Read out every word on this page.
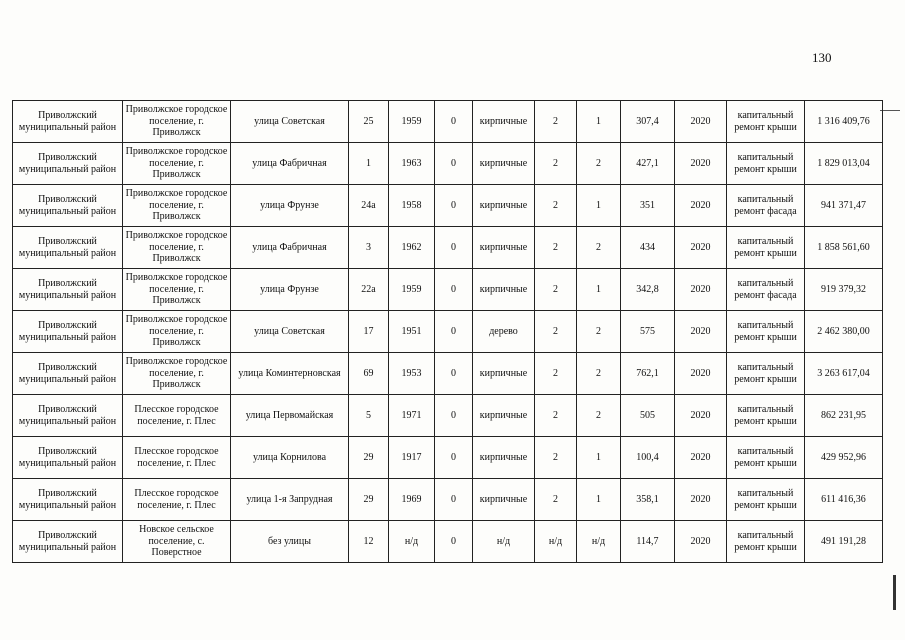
130
Приволжский муниципальный район	Приволжское городское поселение, г. Приволжск	улица Советская	25	1959	0	кирпичные	2	1	307,4	2020	капитальный ремонт крыши	1 316 409,76
Приволжский муниципальный район	Приволжское городское поселение, г. Приволжск	улица Фабричная	1	1963	0	кирпичные	2	2	427,1	2020	капитальный ремонт крыши	1 829 013,04
Приволжский муниципальный район	Приволжское городское поселение, г. Приволжск	улица Фрунзе	24а	1958	0	кирпичные	2	1	351	2020	капитальный ремонт фасада	941 371,47
Приволжский муниципальный район	Приволжское городское поселение, г. Приволжск	улица Фабричная	3	1962	0	кирпичные	2	2	434	2020	капитальный ремонт крыши	1 858 561,60
Приволжский муниципальный район	Приволжское городское поселение, г. Приволжск	улица Фрунзе	22а	1959	0	кирпичные	2	1	342,8	2020	капитальный ремонт фасада	919 379,32
Приволжский муниципальный район	Приволжское городское поселение, г. Приволжск	улица Советская	17	1951	0	дерево	2	2	575	2020	капитальный ремонт крыши	2 462 380,00
Приволжский муниципальный район	Приволжское городское поселение, г. Приволжск	улица Коминтерновская	69	1953	0	кирпичные	2	2	762,1	2020	капитальный ремонт крыши	3 263 617,04
Приволжский муниципальный район	Плесское городское поселение, г. Плес	улица Первомайская	5	1971	0	кирпичные	2	2	505	2020	капитальный ремонт крыши	862 231,95
Приволжский муниципальный район	Плесское городское поселение, г. Плес	улица Корнилова	29	1917	0	кирпичные	2	1	100,4	2020	капитальный ремонт крыши	429 952,96
Приволжский муниципальный район	Плесское городское поселение, г. Плес	улица 1-я Запрудная	29	1969	0	кирпичные	2	1	358,1	2020	капитальный ремонт крыши	611 416,36
Приволжский муниципальный район	Новское сельское поселение, с. Поверстное	без улицы	12	н/д	0	н/д	н/д	н/д	114,7	2020	капитальный ремонт крыши	491 191,28
